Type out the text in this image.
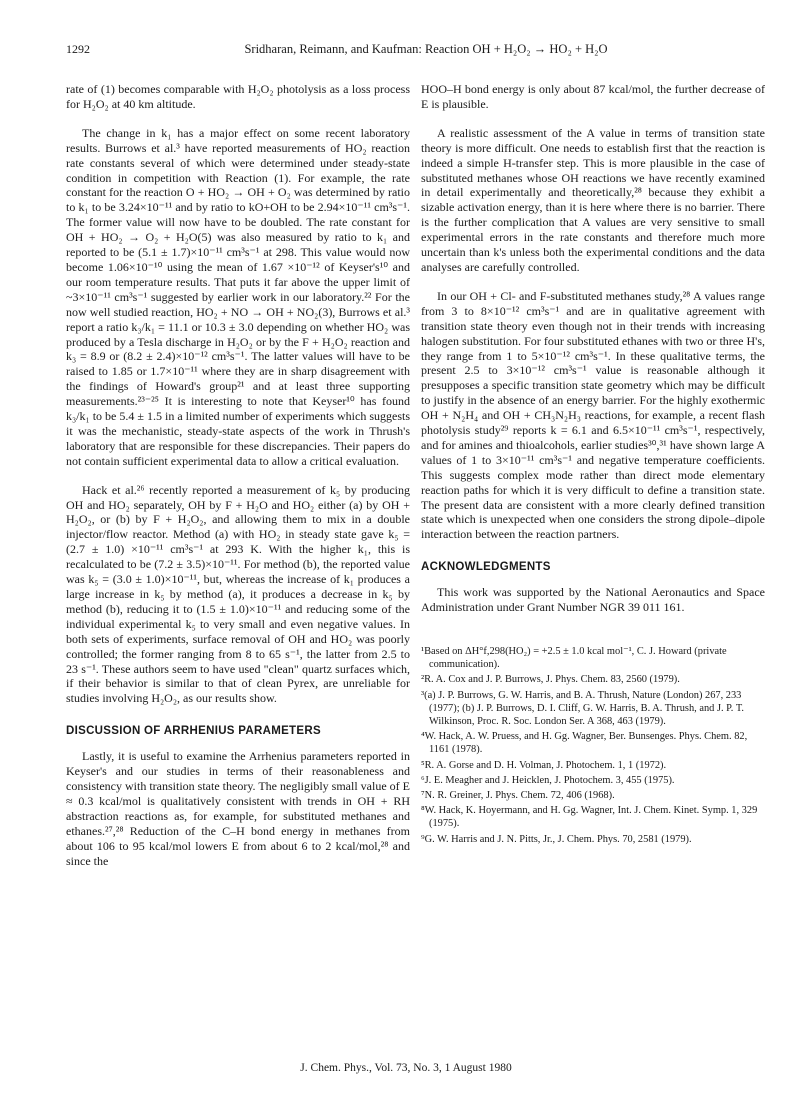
1292	Sridharan, Reimann, and Kaufman: Reaction OH + H₂O₂ → HO₂ + H₂O

rate of (1) becomes comparable with H₂O₂ photolysis as a loss process for H₂O₂ at 40 km altitude.

The change in k₁ has a major effect on some recent laboratory results. Burrows et al.³ have reported measurements of HO₂ reaction rate constants several of which were determined under steady-state condition in competition with Reaction (1). For example, the rate constant for the reaction O + HO₂ → OH + O₂ was determined by ratio to k₁ to be 3.24×10⁻¹¹ and by ratio to kO+OH to be 2.94×10⁻¹¹ cm³s⁻¹. The former value will now have to be doubled. The rate constant for OH + HO₂ → O₂ + H₂O(5) was also measured by ratio to k₁ and reported to be (5.1 ± 1.7)×10⁻¹¹ cm³s⁻¹ at 298. This value would now become 1.06×10⁻¹⁰ using the mean of 1.67 ×10⁻¹² of Keyser's¹⁰ and our room temperature results. That puts it far above the upper limit of ~3×10⁻¹¹ cm³s⁻¹ suggested by earlier work in our laboratory.²² For the now well studied reaction, HO₂ + NO → OH + NO₂(3), Burrows et al.³ report a ratio k₃/k₁ = 11.1 or 10.3 ± 3.0 depending on whether HO₂ was produced by a Tesla discharge in H₂O₂ or by the F + H₂O₂ reaction and k₃ = 8.9 or (8.2 ± 2.4)×10⁻¹² cm³s⁻¹. The latter values will have to be raised to 1.85 or 1.7×10⁻¹¹ where they are in sharp disagreement with the findings of Howard's group²¹ and at least three supporting measurements.²³⁻²⁵ It is interesting to note that Keyser¹⁰ has found k₃/k₁ to be 5.4 ± 1.5 in a limited number of experiments which suggests it was the mechanistic, steady-state aspects of the work in Thrush's laboratory that are responsible for these discrepancies. Their papers do not contain sufficient experimental data to allow a critical evaluation.

Hack et al.²⁶ recently reported a measurement of k₅ by producing OH and HO₂ separately, OH by F + H₂O and HO₂ either (a) by OH + H₂O₂, or (b) by F + H₂O₂, and allowing them to mix in a double injector/flow reactor. Method (a) with HO₂ in steady state gave k₅ = (2.7 ± 1.0) ×10⁻¹¹ cm³s⁻¹ at 293 K. With the higher k₁, this is recalculated to be (7.2 ± 3.5)×10⁻¹¹. For method (b), the reported value was k₅ = (3.0 ± 1.0)×10⁻¹¹, but, whereas the increase of k₁ produces a large increase in k₅ by method (a), it produces a decrease in k₅ by method (b), reducing it to (1.5 ± 1.0)×10⁻¹¹ and reducing some of the individual experimental k₅ to very small and even negative values. In both sets of experiments, surface removal of OH and HO₂ was poorly controlled; the former ranging from 8 to 65 s⁻¹, the latter from 2.5 to 23 s⁻¹. These authors seem to have used "clean" quartz surfaces which, if their behavior is similar to that of clean Pyrex, are unreliable for studies involving H₂O₂, as our results show.

DISCUSSION OF ARRHENIUS PARAMETERS

Lastly, it is useful to examine the Arrhenius parameters reported in Keyser's and our studies in terms of their reasonableness and consistency with transition state theory. The negligibly small value of E ≈ 0.3 kcal/mol is qualitatively consistent with trends in OH + RH abstraction reactions as, for example, for substituted methanes and ethanes.²⁷,²⁸ Reduction of the C–H bond energy in methanes from about 106 to 95 kcal/mol lowers E from about 6 to 2 kcal/mol,²⁸ and since the

HOO–H bond energy is only about 87 kcal/mol, the further decrease of E is plausible.

A realistic assessment of the A value in terms of transition state theory is more difficult. One needs to establish first that the reaction is indeed a simple H-transfer step. This is more plausible in the case of substituted methanes whose OH reactions we have recently examined in detail experimentally and theoretically,²⁸ because they exhibit a sizable activation energy, than it is here where there is no barrier. There is the further complication that A values are very sensitive to small experimental errors in the rate constants and therefore much more uncertain than k's unless both the experimental conditions and the data analyses are carefully controlled.

In our OH + Cl- and F-substituted methanes study,²⁸ A values range from 3 to 8×10⁻¹² cm³s⁻¹ and are in qualitative agreement with transition state theory even though not in their trends with increasing halogen substitution. For four substituted ethanes with two or three H's, they range from 1 to 5×10⁻¹² cm³s⁻¹. In these qualitative terms, the present 2.5 to 3×10⁻¹² cm³s⁻¹ value is reasonable although it presupposes a specific transition state geometry which may be difficult to justify in the absence of an energy barrier. For the highly exothermic OH + N₂H₄ and OH + CH₃N₂H₃ reactions, for example, a recent flash photolysis study²⁹ reports k = 6.1 and 6.5×10⁻¹¹ cm³s⁻¹, respectively, and for amines and thioalcohols, earlier studies³⁰,³¹ have shown large A values of 1 to 3×10⁻¹¹ cm³s⁻¹ and negative temperature coefficients. This suggests complex mode rather than direct mode elementary reaction paths for which it is very difficult to define a transition state. The present data are consistent with a more clearly defined transition state which is unexpected when one considers the strong dipole–dipole interaction between the reaction partners.

ACKNOWLEDGMENTS

This work was supported by the National Aeronautics and Space Administration under Grant Number NGR 39 011 161.

¹Based on ΔH°f,298(HO₂) = +2.5 ± 1.0 kcal mol⁻¹, C. J. Howard (private communication).
²R. A. Cox and J. P. Burrows, J. Phys. Chem. 83, 2560 (1979).
³(a) J. P. Burrows, G. W. Harris, and B. A. Thrush, Nature (London) 267, 233 (1977); (b) J. P. Burrows, D. I. Cliff, G. W. Harris, B. A. Thrush, and J. P. T. Wilkinson, Proc. R. Soc. London Ser. A 368, 463 (1979).
⁴W. Hack, A. W. Pruess, and H. Gg. Wagner, Ber. Bunsenges. Phys. Chem. 82, 1161 (1978).
⁵R. A. Gorse and D. H. Volman, J. Photochem. 1, 1 (1972).
⁶J. E. Meagher and J. Heicklen, J. Photochem. 3, 455 (1975).
⁷N. R. Greiner, J. Phys. Chem. 72, 406 (1968).
⁸W. Hack, K. Hoyermann, and H. Gg. Wagner, Int. J. Chem. Kinet. Symp. 1, 329 (1975).
⁹G. W. Harris and J. N. Pitts, Jr., J. Chem. Phys. 70, 2581 (1979).
J. Chem. Phys., Vol. 73, No. 3, 1 August 1980
